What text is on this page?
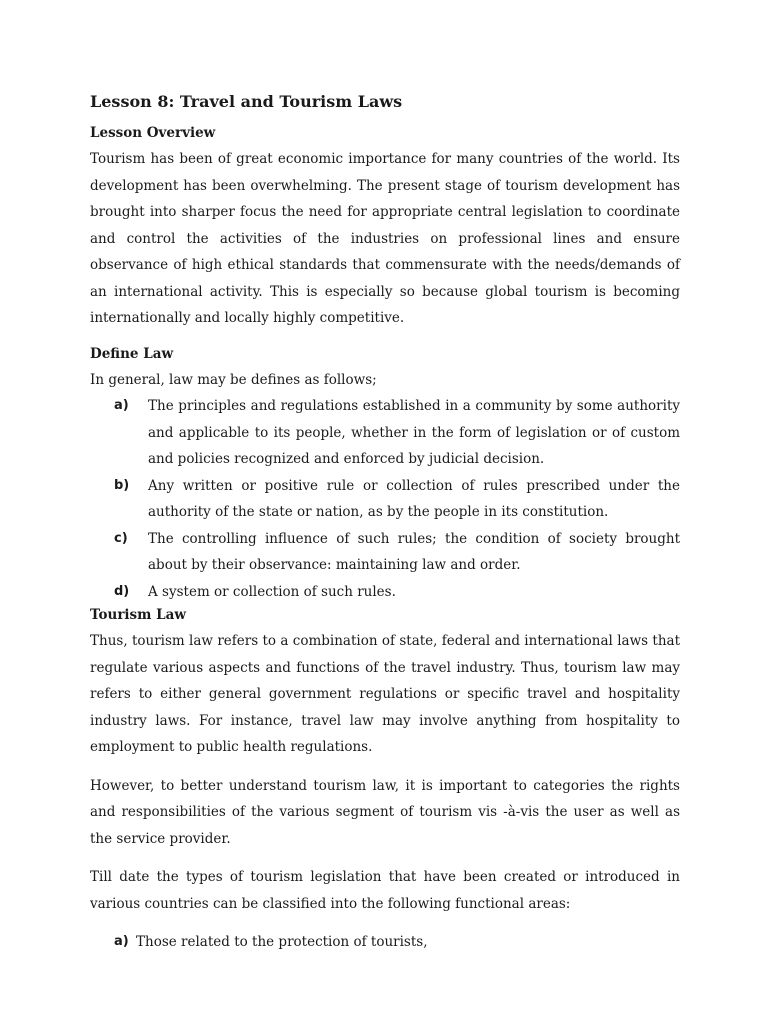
Lesson 8: Travel and Tourism Laws
Lesson Overview

Tourism has been of great economic importance for many countries of the world. Its development has been overwhelming. The present stage of tourism development has brought into sharper focus the need for appropriate central legislation to coordinate and control the activities of the industries on professional lines and ensure observance of high ethical standards that commensurate with the needs/demands of an international activity. This is especially so because global tourism is becoming internationally and locally highly competitive.

Define Law

In general, law may be defines as follows;

a)	The principles and regulations established in a community by some authority and applicable to its people, whether in the form of legislation or of custom and policies recognized and enforced by judicial decision.
b)	Any written or positive rule or collection of rules prescribed under the authority of the state or nation, as by the people in its constitution.
c)	The controlling influence of such rules; the condition of society brought about by their observance: maintaining law and order.
d)	A system or collection of such rules.
Tourism Law

Thus, tourism law refers to a combination of state, federal and international laws that regulate various aspects and functions of the travel industry. Thus, tourism law may refers to either general government regulations or specific travel and hospitality industry laws. For instance, travel law may involve anything from hospitality to employment to public health regulations.

However, to better understand tourism law, it is important to categories the rights and responsibilities of the various segment of tourism vis -à-vis the user as well as the service provider.

Till date the types of tourism legislation that have been created or introduced in various countries can be classified into the following functional areas:

a) Those related to the protection of tourists,
